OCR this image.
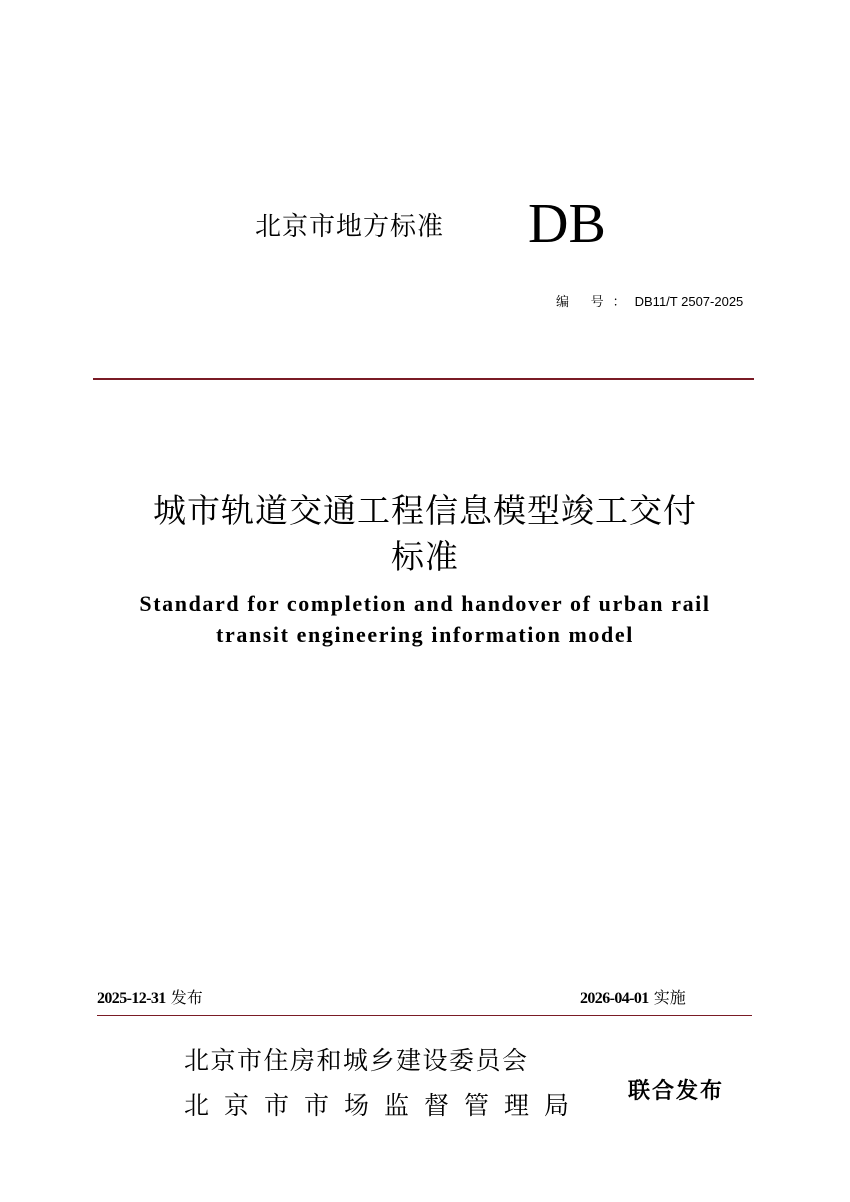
北京市地方标准 DB
编 号：DB11/T 2507-2025
城市轨道交通工程信息模型竣工交付
标准
Standard for completion and handover of urban rail
transit engineering information model
2025-12-31 发布	2026-04-01 实施
北京市住房和城乡建设委员会
北京市市场监督管理局 联合发布
